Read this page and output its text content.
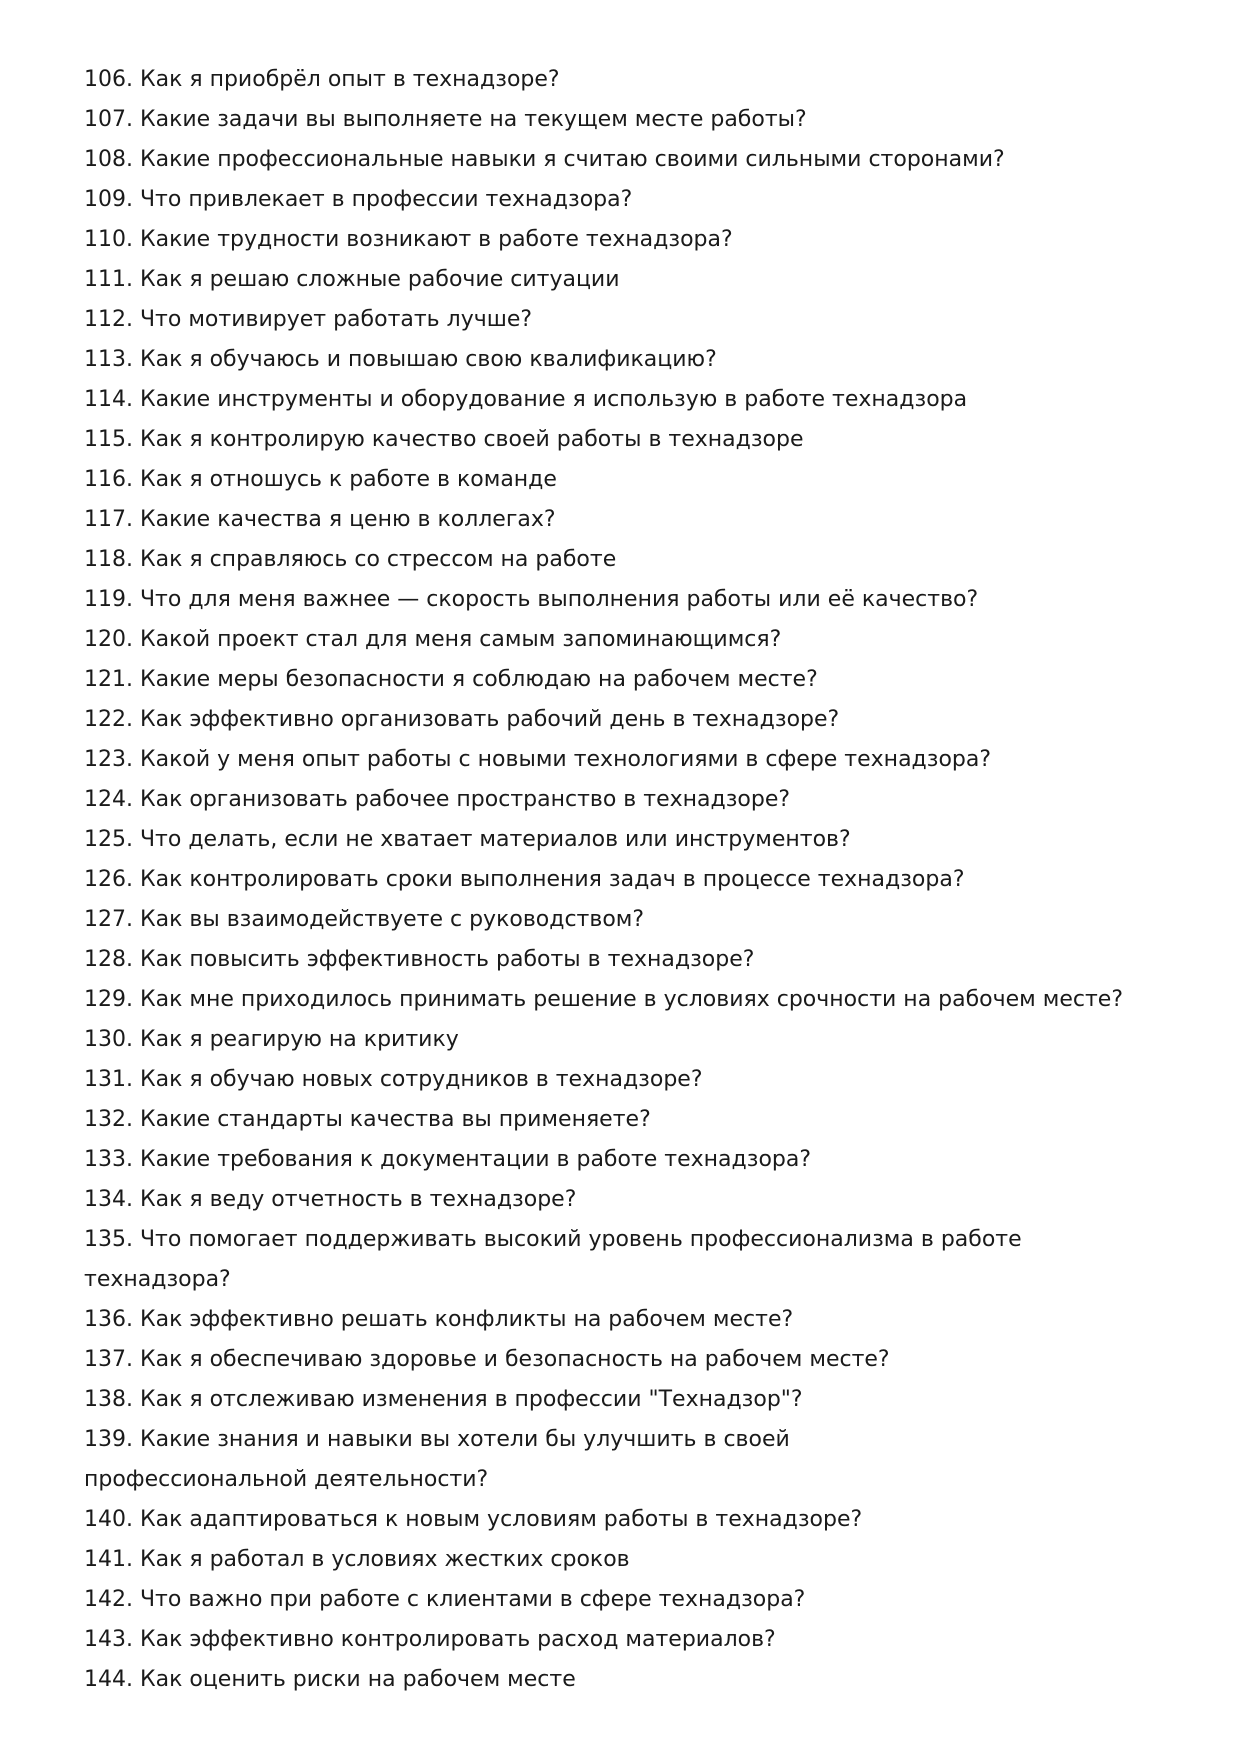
106. Как я приобрёл опыт в технадзоре?
107. Какие задачи вы выполняете на текущем месте работы?
108. Какие профессиональные навыки я считаю своими сильными сторонами?
109. Что привлекает в профессии технадзора?
110. Какие трудности возникают в работе технадзора?
111. Как я решаю сложные рабочие ситуации
112. Что мотивирует работать лучше?
113. Как я обучаюсь и повышаю свою квалификацию?
114. Какие инструменты и оборудование я использую в работе технадзора
115. Как я контролирую качество своей работы в технадзоре
116. Как я отношусь к работе в команде
117. Какие качества я ценю в коллегах?
118. Как я справляюсь со стрессом на работе
119. Что для меня важнее — скорость выполнения работы или её качество?
120. Какой проект стал для меня самым запоминающимся?
121. Какие меры безопасности я соблюдаю на рабочем месте?
122. Как эффективно организовать рабочий день в технадзоре?
123. Какой у меня опыт работы с новыми технологиями в сфере технадзора?
124. Как организовать рабочее пространство в технадзоре?
125. Что делать, если не хватает материалов или инструментов?
126. Как контролировать сроки выполнения задач в процессе технадзора?
127. Как вы взаимодействуете с руководством?
128. Как повысить эффективность работы в технадзоре?
129. Как мне приходилось принимать решение в условиях срочности на рабочем месте?
130. Как я реагирую на критику
131. Как я обучаю новых сотрудников в технадзоре?
132. Какие стандарты качества вы применяете?
133. Какие требования к документации в работе технадзора?
134. Как я веду отчетность в технадзоре?
135. Что помогает поддерживать высокий уровень профессионализма в работе технадзора?
136. Как эффективно решать конфликты на рабочем месте?
137. Как я обеспечиваю здоровье и безопасность на рабочем месте?
138. Как я отслеживаю изменения в профессии "Технадзор"?
139. Какие знания и навыки вы хотели бы улучшить в своей профессиональной деятельности?
140. Как адаптироваться к новым условиям работы в технадзоре?
141. Как я работал в условиях жестких сроков
142. Что важно при работе с клиентами в сфере технадзора?
143. Как эффективно контролировать расход материалов?
144. Как оценить риски на рабочем месте
